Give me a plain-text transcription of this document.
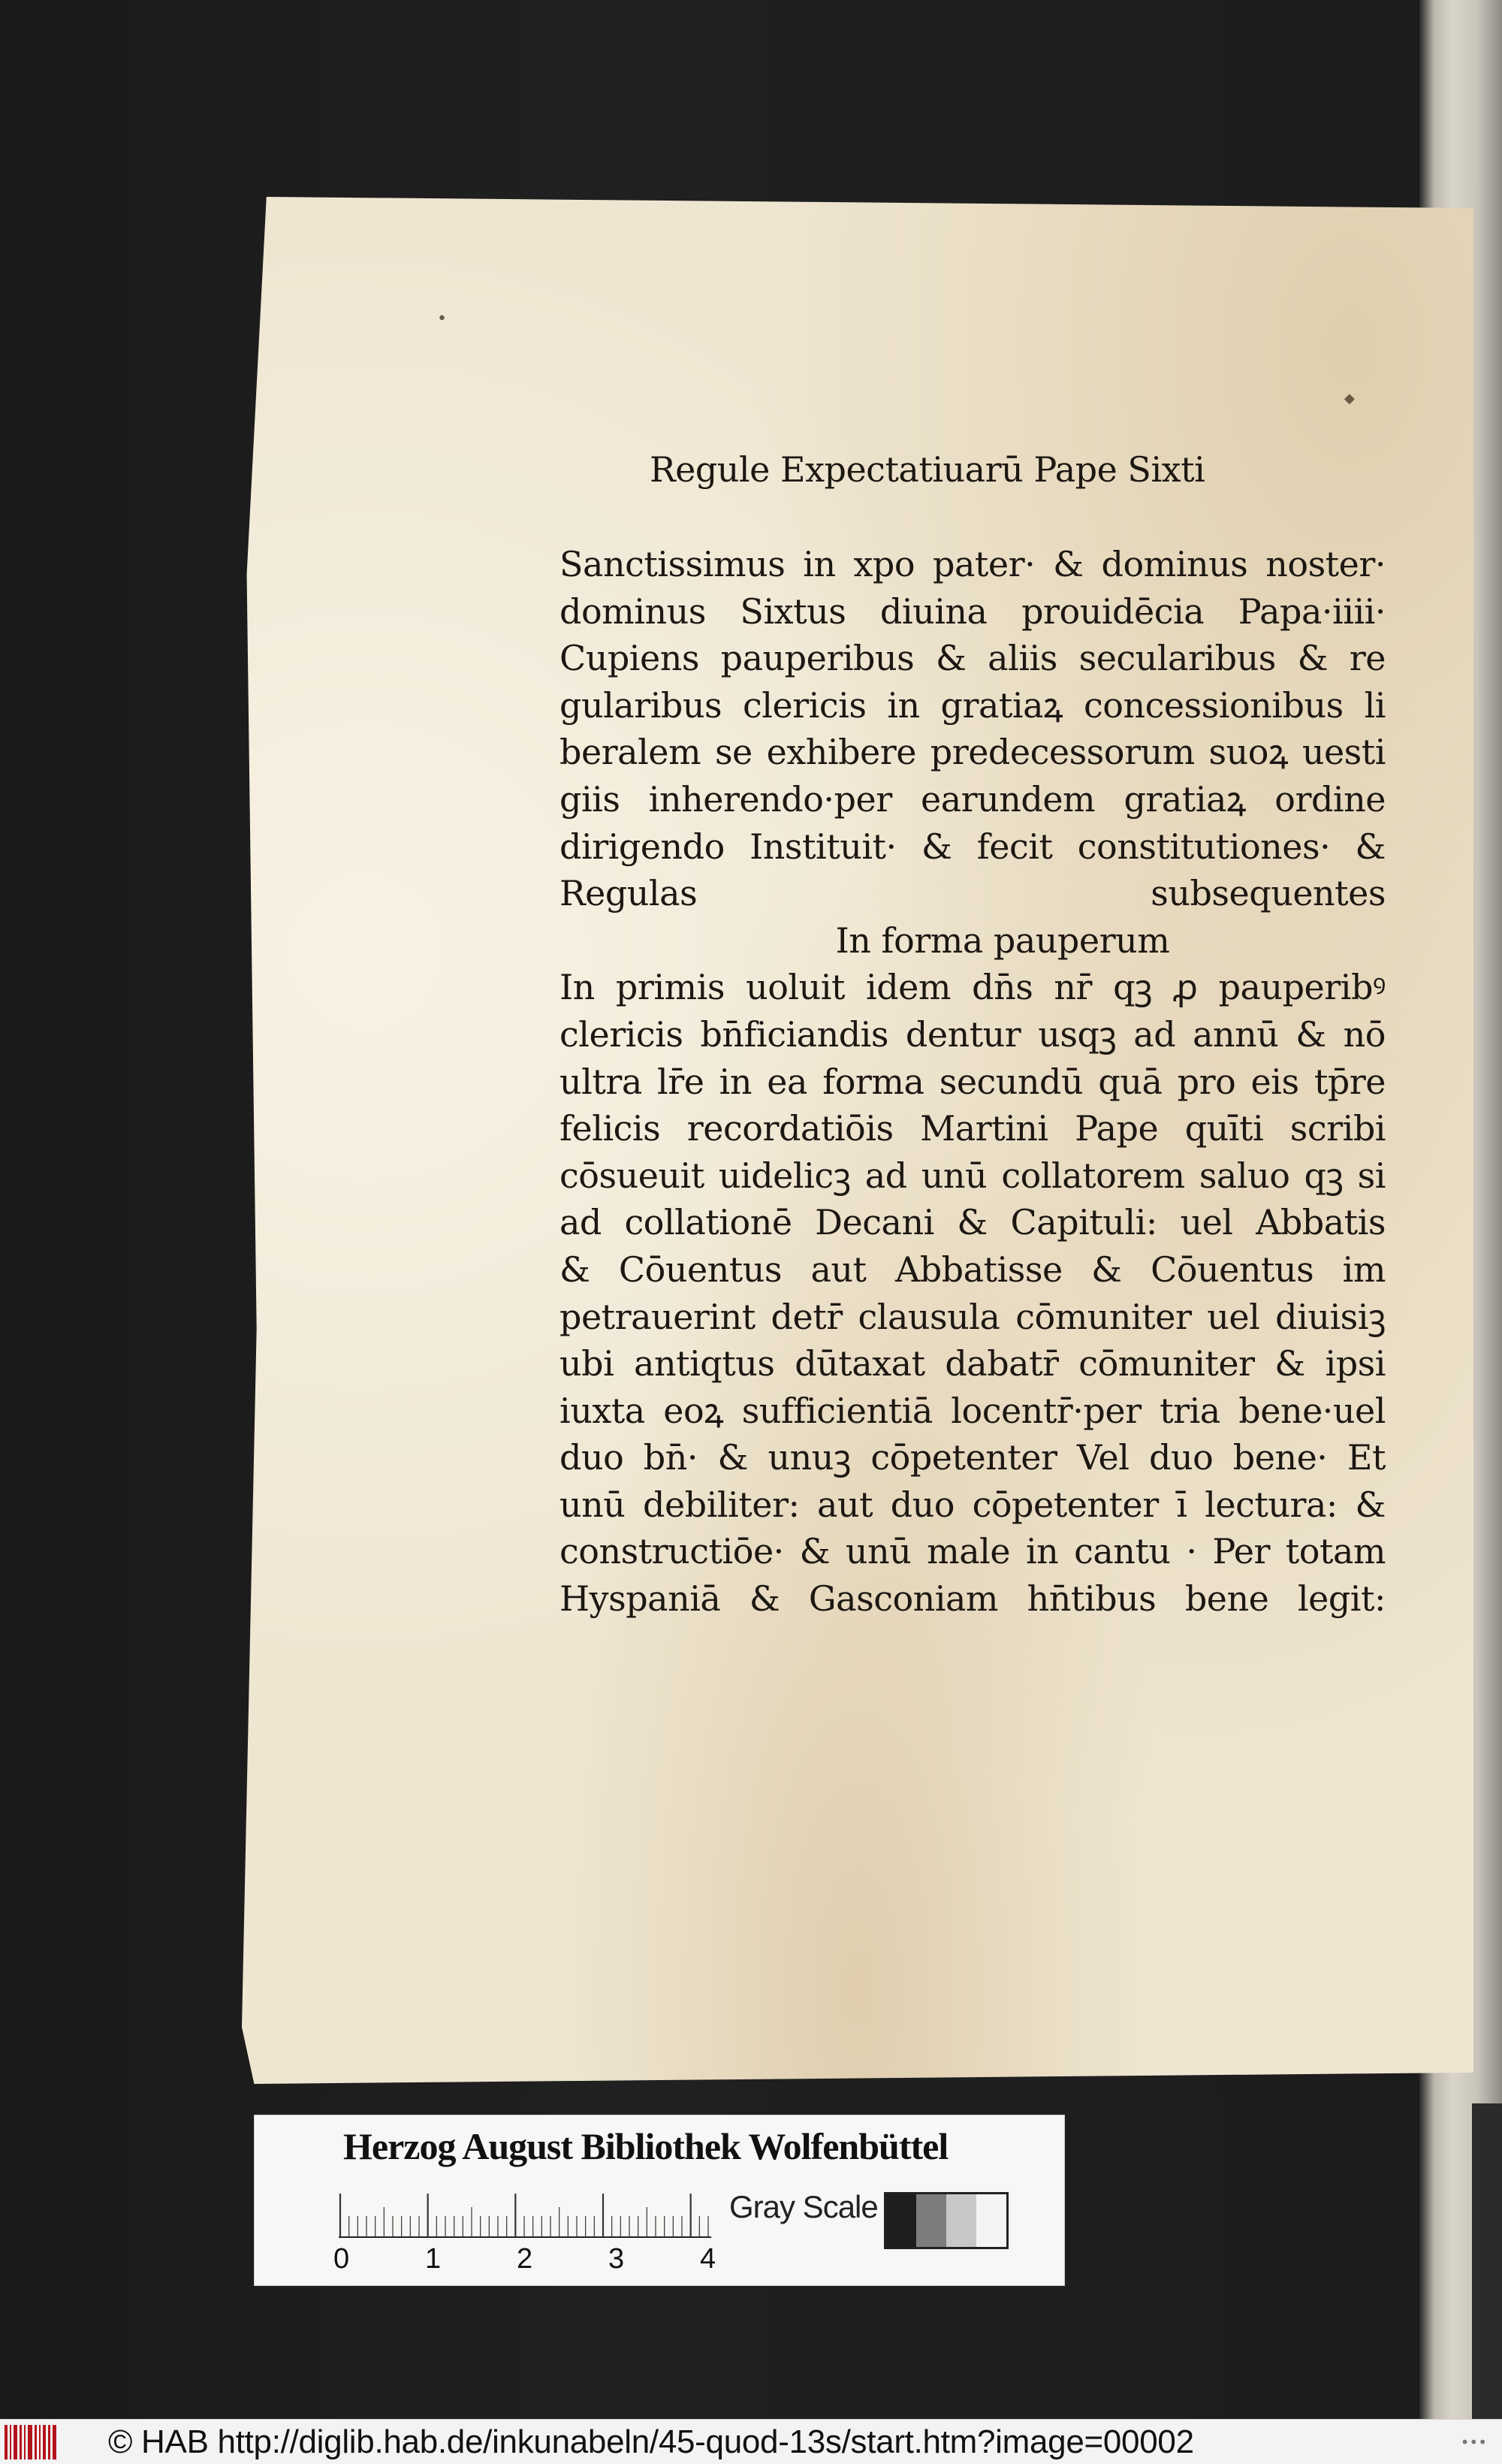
•
◆
Regule Expectatiuarū Pape Sixti
Sanctissimus in xpo pater· & dominus noster·
dominus Sixtus diuina prouidēcia Papa·iiii·
Cupiens pauperibus & aliis secularibus & re
gularibus clericis in gratiaꝝ concessionibus li
beralem se exhibere predecessorum suoꝝ uesti
giis inherendo·per earundem gratiaꝝ ordine
dirigendo Instituit· & fecit constitutiones· &
Regulas subsequentes
In forma pauperum
In primis uoluit idem dn̄s nr̄ qꝫ ꝓ pauperibꝰ
clericis bn̄ficiandis dentur usqꝫ ad annū & nō
ultra lr̄e in ea forma secundū quā pro eis tp̄re
felicis recordatiōis Martini Pape quīti scribi
cōsueuit uidelicꝫ ad unū collatorem saluo qꝫ si
ad collationē Decani & Capituli: uel Abbatis
& Cōuentus aut Abbatisse & Cōuentus im
petrauerint detr̄ clausula cōmuniter uel diuisiꝫ
ubi antiqtus dūtaxat dabatr̄ cōmuniter & ipsi
iuxta eoꝝ sufficientiā locentr̄·per tria bene·uel
duo bn̄· & unuꝫ cōpetenter Vel duo bene· Et
unū debiliter: aut duo cōpetenter ī lectura: &
constructiōe· & unū male in cantu · Per totam
Hyspaniā & Gasconiam hn̄tibus bene legit:
Herzog August Bibliothek Wolfenbüttel
0	1	2	3	4
Gray Scale
© HAB http://diglib.hab.de/inkunabeln/45-quod-13s/start.htm?image=00002	•••
